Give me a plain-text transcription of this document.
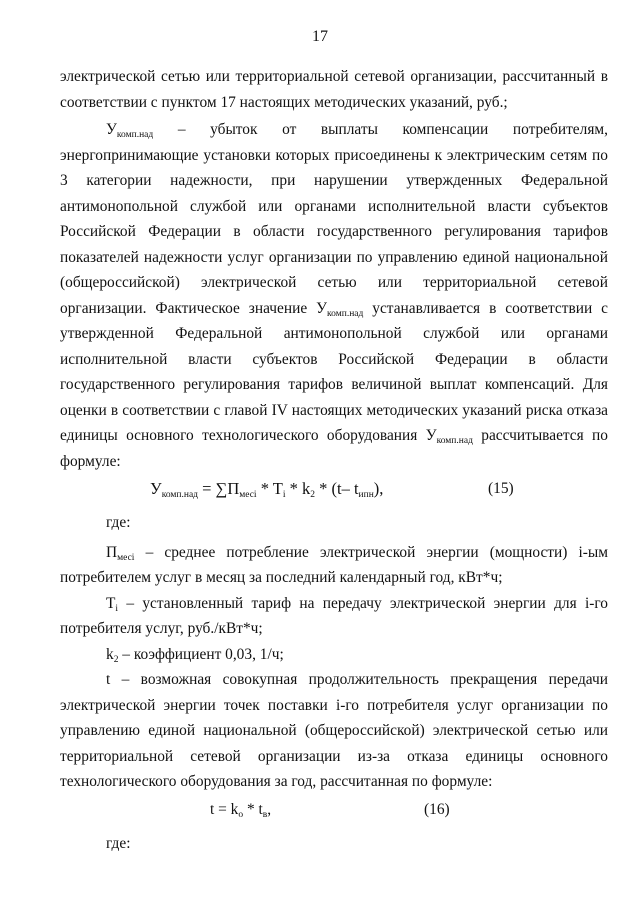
17

электрической сетью или территориальной сетевой организации, рассчитанный в соответствии с пунктом 17 настоящих методических указаний, руб.;

$У_{комп.над}$ – убыток от выплаты компенсации потребителям, энергопринимающие установки которых присоединены к электрическим сетям по 3 категории надежности, при нарушении утвержденных Федеральной антимонопольной службой или органами исполнительной власти субъектов Российской Федерации в области государственного регулирования тарифов показателей надежности услуг организации по управлению единой национальной (общероссийской) электрической сетью или территориальной сетевой организации. Фактическое значение $У_{комп.над}$ устанавливается в соответствии с утвержденной Федеральной антимонопольной службой или органами исполнительной власти субъектов Российской Федерации в области государственного регулирования тарифов величиной выплат компенсаций. Для оценки в соответствии с главой IV настоящих методических указаний риска отказа единицы основного технологического оборудования $У_{комп.над}$ рассчитывается по формуле:

$У_{комп.над} = \sum П_{месi} * T_i * k_2 * (t-$ $t_{ипн}$),	(15)
где:

$П_{месi}$ – среднее потребление электрической энергии (мощности) i-ым потребителем услуг в месяц за последний календарный год, кВт*ч;

$T_i$ – установленный тариф на передачу электрической энергии для i-го потребителя услуг, руб./кВт*ч;

$k_2$ – коэффициент 0,03, 1/ч;

t – возможная совокупная продолжительность прекращения передачи электрической энергии точек поставки i-го потребителя услуг организации по управлению единой национальной (общероссийской) электрической сетью или территориальной сетевой организации из-за отказа единицы основного технологического оборудования за год, рассчитанная по формуле:

$t = k_o * t_в$,	(16)
где:
